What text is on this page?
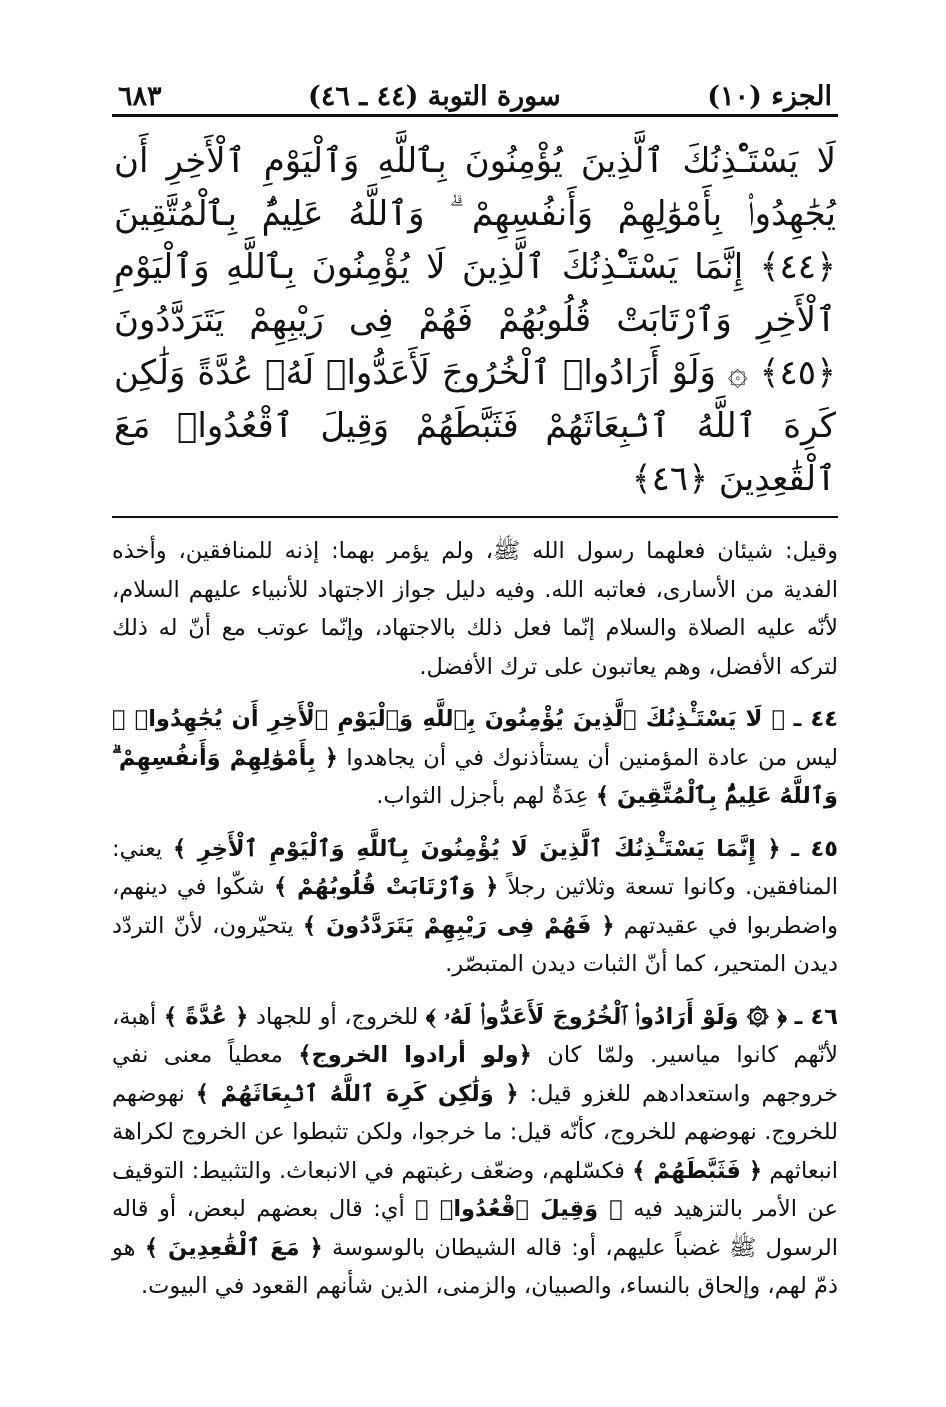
الجزء (١٠)
سورة التوبة (٤٤ ـ ٤٦)
٦٨٣
لَا يَسْتَـْٔذِنُكَ ٱلَّذِينَ يُؤْمِنُونَ بِٱللَّهِ وَٱلْيَوْمِ ٱلْأَخِرِ أَن يُجَٰهِدُوا۟ بِأَمْوَٰلِهِمْ وَأَنفُسِهِمْ ۗ وَٱللَّهُ عَلِيمٌۢ بِٱلْمُتَّقِينَ ﴿٤٤﴾ إِنَّمَا يَسْتَـْٔذِنُكَ ٱلَّذِينَ لَا يُؤْمِنُونَ بِٱللَّهِ وَٱلْيَوْمِ ٱلْأَخِرِ وَٱرْتَابَتْ قُلُوبُهُمْ فَهُمْ فِى رَيْبِهِمْ يَتَرَدَّدُونَ ﴿٤٥﴾ ۞ وَلَوْ أَرَادُوا۟ ٱلْخُرُوجَ لَأَعَدُّوا۟ لَهُۥ عُدَّةً وَلَٰكِن كَرِهَ ٱللَّهُ ٱنۢبِعَاثَهُمْ فَثَبَّطَهُمْ وَقِيلَ ٱقْعُدُوا۟ مَعَ ٱلْقَٰعِدِينَ ﴿٤٦﴾

وقيل: شيئان فعلهما رسول الله ﷺ، ولم يؤمر بهما: إذنه للمنافقين، وأخذه الفدية من الأسارى، فعاتبه الله. وفيه دليل جواز الاجتهاد للأنبياء عليهم السلام، لأنّه عليه الصلاة والسلام إنّما فعل ذلك بالاجتهاد، وإنّما عوتب مع أنّ له ذلك لتركه الأفضل، وهم يعاتبون على ترك الأفضل.

٤٤ ـ ﴿ لَا يَسْتَـْٔذِنُكَ ٱلَّذِينَ يُؤْمِنُونَ بِٱللَّهِ وَٱلْيَوْمِ ٱلْأَخِرِ أَن يُجَٰهِدُوا۟ ﴾ ليس من عادة المؤمنين أن يستأذنوك في أن يجاهدوا ﴿ بِأَمْوَٰلِهِمْ وَأَنفُسِهِمْ ۗ وَٱللَّهُ عَلِيمٌۢ بِٱلْمُتَّقِينَ ﴾ عِدَةٌ لهم بأجزل الثواب.

٤٥ ـ ﴿ إِنَّمَا يَسْتَـْٔذِنُكَ ٱلَّذِينَ لَا يُؤْمِنُونَ بِٱللَّهِ وَٱلْيَوْمِ ٱلْأَخِرِ ﴾ يعني: المنافقين. وكانوا تسعة وثلاثين رجلاً ﴿ وَٱرْتَابَتْ قُلُوبُهُمْ ﴾ شكّوا في دينهم، واضطربوا في عقيدتهم ﴿ فَهُمْ فِى رَيْبِهِمْ يَتَرَدَّدُونَ ﴾ يتحيّرون، لأنّ التردّد ديدن المتحير، كما أنّ الثبات ديدن المتبصّر.

٤٦ ـ ﴿ ۞ وَلَوْ أَرَادُوا۟ ٱلْخُرُوجَ لَأَعَدُّوا۟ لَهُۥ ﴾ للخروج، أو للجهاد ﴿ عُدَّةً ﴾ أهبة، لأنّهم كانوا مياسير. ولمّا كان ﴿ولو أرادوا الخروج﴾ معطياً معنى نفي خروجهم واستعدادهم للغزو قيل: ﴿ وَلَٰكِن كَرِهَ ٱللَّهُ ٱنۢبِعَاثَهُمْ ﴾ نهوضهم للخروج. نهوضهم للخروج، كأنّه قيل: ما خرجوا، ولكن تثبطوا عن الخروج لكراهة انبعاثهم ﴿ فَثَبَّطَهُمْ ﴾ فكسّلهم، وضعّف رغبتهم في الانبعاث. والتثبيط: التوقيف عن الأمر بالتزهيد فيه ﴿ وَقِيلَ ٱقْعُدُوا۟ ﴾ أي: قال بعضهم لبعض، أو قاله الرسول ﷺ غضباً عليهم، أو: قاله الشيطان بالوسوسة ﴿ مَعَ ٱلْقَٰعِدِينَ ﴾ هو ذمّ لهم، وإلحاق بالنساء، والصبيان، والزمنى، الذين شأنهم القعود في البيوت.
